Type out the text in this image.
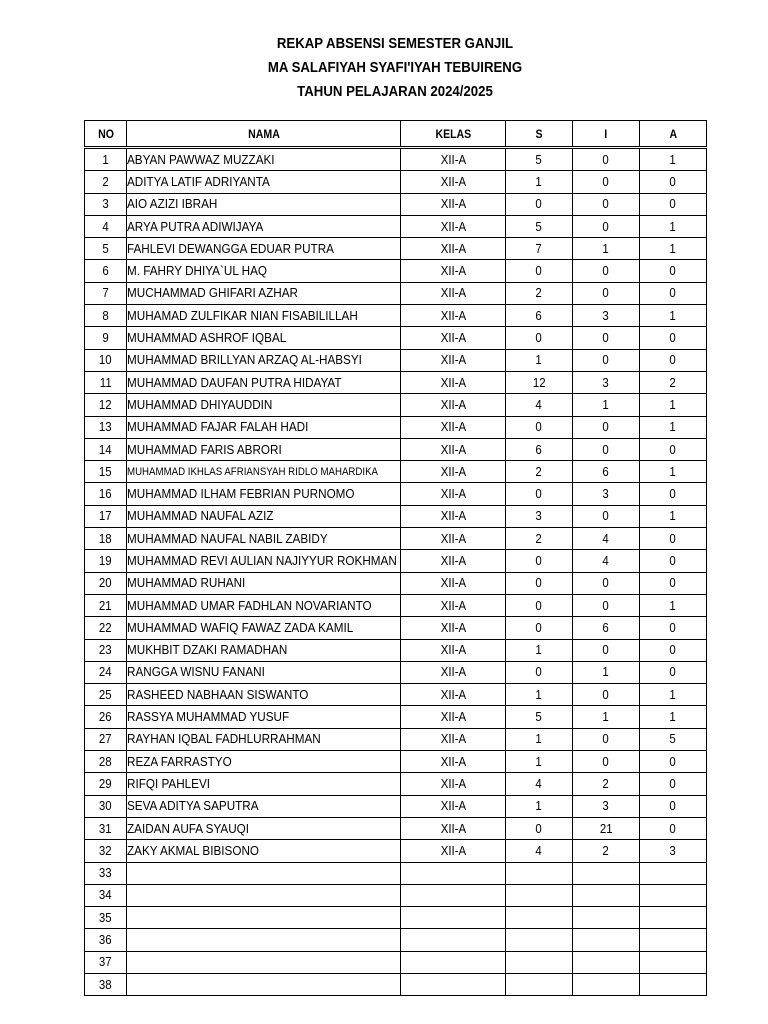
REKAP ABSENSI SEMESTER GANJIL
MA SALAFIYAH SYAFI'IYAH TEBUIRENG
TAHUN PELAJARAN 2024/2025
NO	NAMA	KELAS	S	I	A
1	ABYAN PAWWAZ MUZZAKI	XII-A	5	0	1
2	ADITYA LATIF ADRIYANTA	XII-A	1	0	0
3	AIO AZIZI IBRAH	XII-A	0	0	0
4	ARYA PUTRA ADIWIJAYA	XII-A	5	0	1
5	FAHLEVI DEWANGGA EDUAR PUTRA	XII-A	7	1	1
6	M. FAHRY DHIYA`UL HAQ	XII-A	0	0	0
7	MUCHAMMAD GHIFARI AZHAR	XII-A	2	0	0
8	MUHAMAD ZULFIKAR NIAN FISABILILLAH	XII-A	6	3	1
9	MUHAMMAD ASHROF IQBAL	XII-A	0	0	0
10	MUHAMMAD BRILLYAN ARZAQ AL-HABSYI	XII-A	1	0	0
11	MUHAMMAD DAUFAN PUTRA HIDAYAT	XII-A	12	3	2
12	MUHAMMAD DHIYAUDDIN	XII-A	4	1	1
13	MUHAMMAD FAJAR FALAH HADI	XII-A	0	0	1
14	MUHAMMAD FARIS ABRORI	XII-A	6	0	0
15	MUHAMMAD IKHLAS AFRIANSYAH RIDLO MAHARDIKA	XII-A	2	6	1
16	MUHAMMAD ILHAM FEBRIAN PURNOMO	XII-A	0	3	0
17	MUHAMMAD NAUFAL AZIZ	XII-A	3	0	1
18	MUHAMMAD NAUFAL NABIL ZABIDY	XII-A	2	4	0
19	MUHAMMAD REVI AULIAN NAJIYYUR ROKHMAN	XII-A	0	4	0
20	MUHAMMAD RUHANI	XII-A	0	0	0
21	MUHAMMAD UMAR FADHLAN NOVARIANTO	XII-A	0	0	1
22	MUHAMMAD WAFIQ FAWAZ ZADA KAMIL	XII-A	0	6	0
23	MUKHBIT DZAKI RAMADHAN	XII-A	1	0	0
24	RANGGA WISNU FANANI	XII-A	0	1	0
25	RASHEED NABHAAN SISWANTO	XII-A	1	0	1
26	RASSYA MUHAMMAD YUSUF	XII-A	5	1	1
27	RAYHAN IQBAL FADHLURRAHMAN	XII-A	1	0	5
28	REZA FARRASTYO	XII-A	1	0	0
29	RIFQI PAHLEVI	XII-A	4	2	0
30	SEVA ADITYA SAPUTRA	XII-A	1	3	0
31	ZAIDAN AUFA SYAUQI	XII-A	0	21	0
32	ZAKY AKMAL BIBISONO	XII-A	4	2	3
33					
34					
35					
36					
37					
38					
